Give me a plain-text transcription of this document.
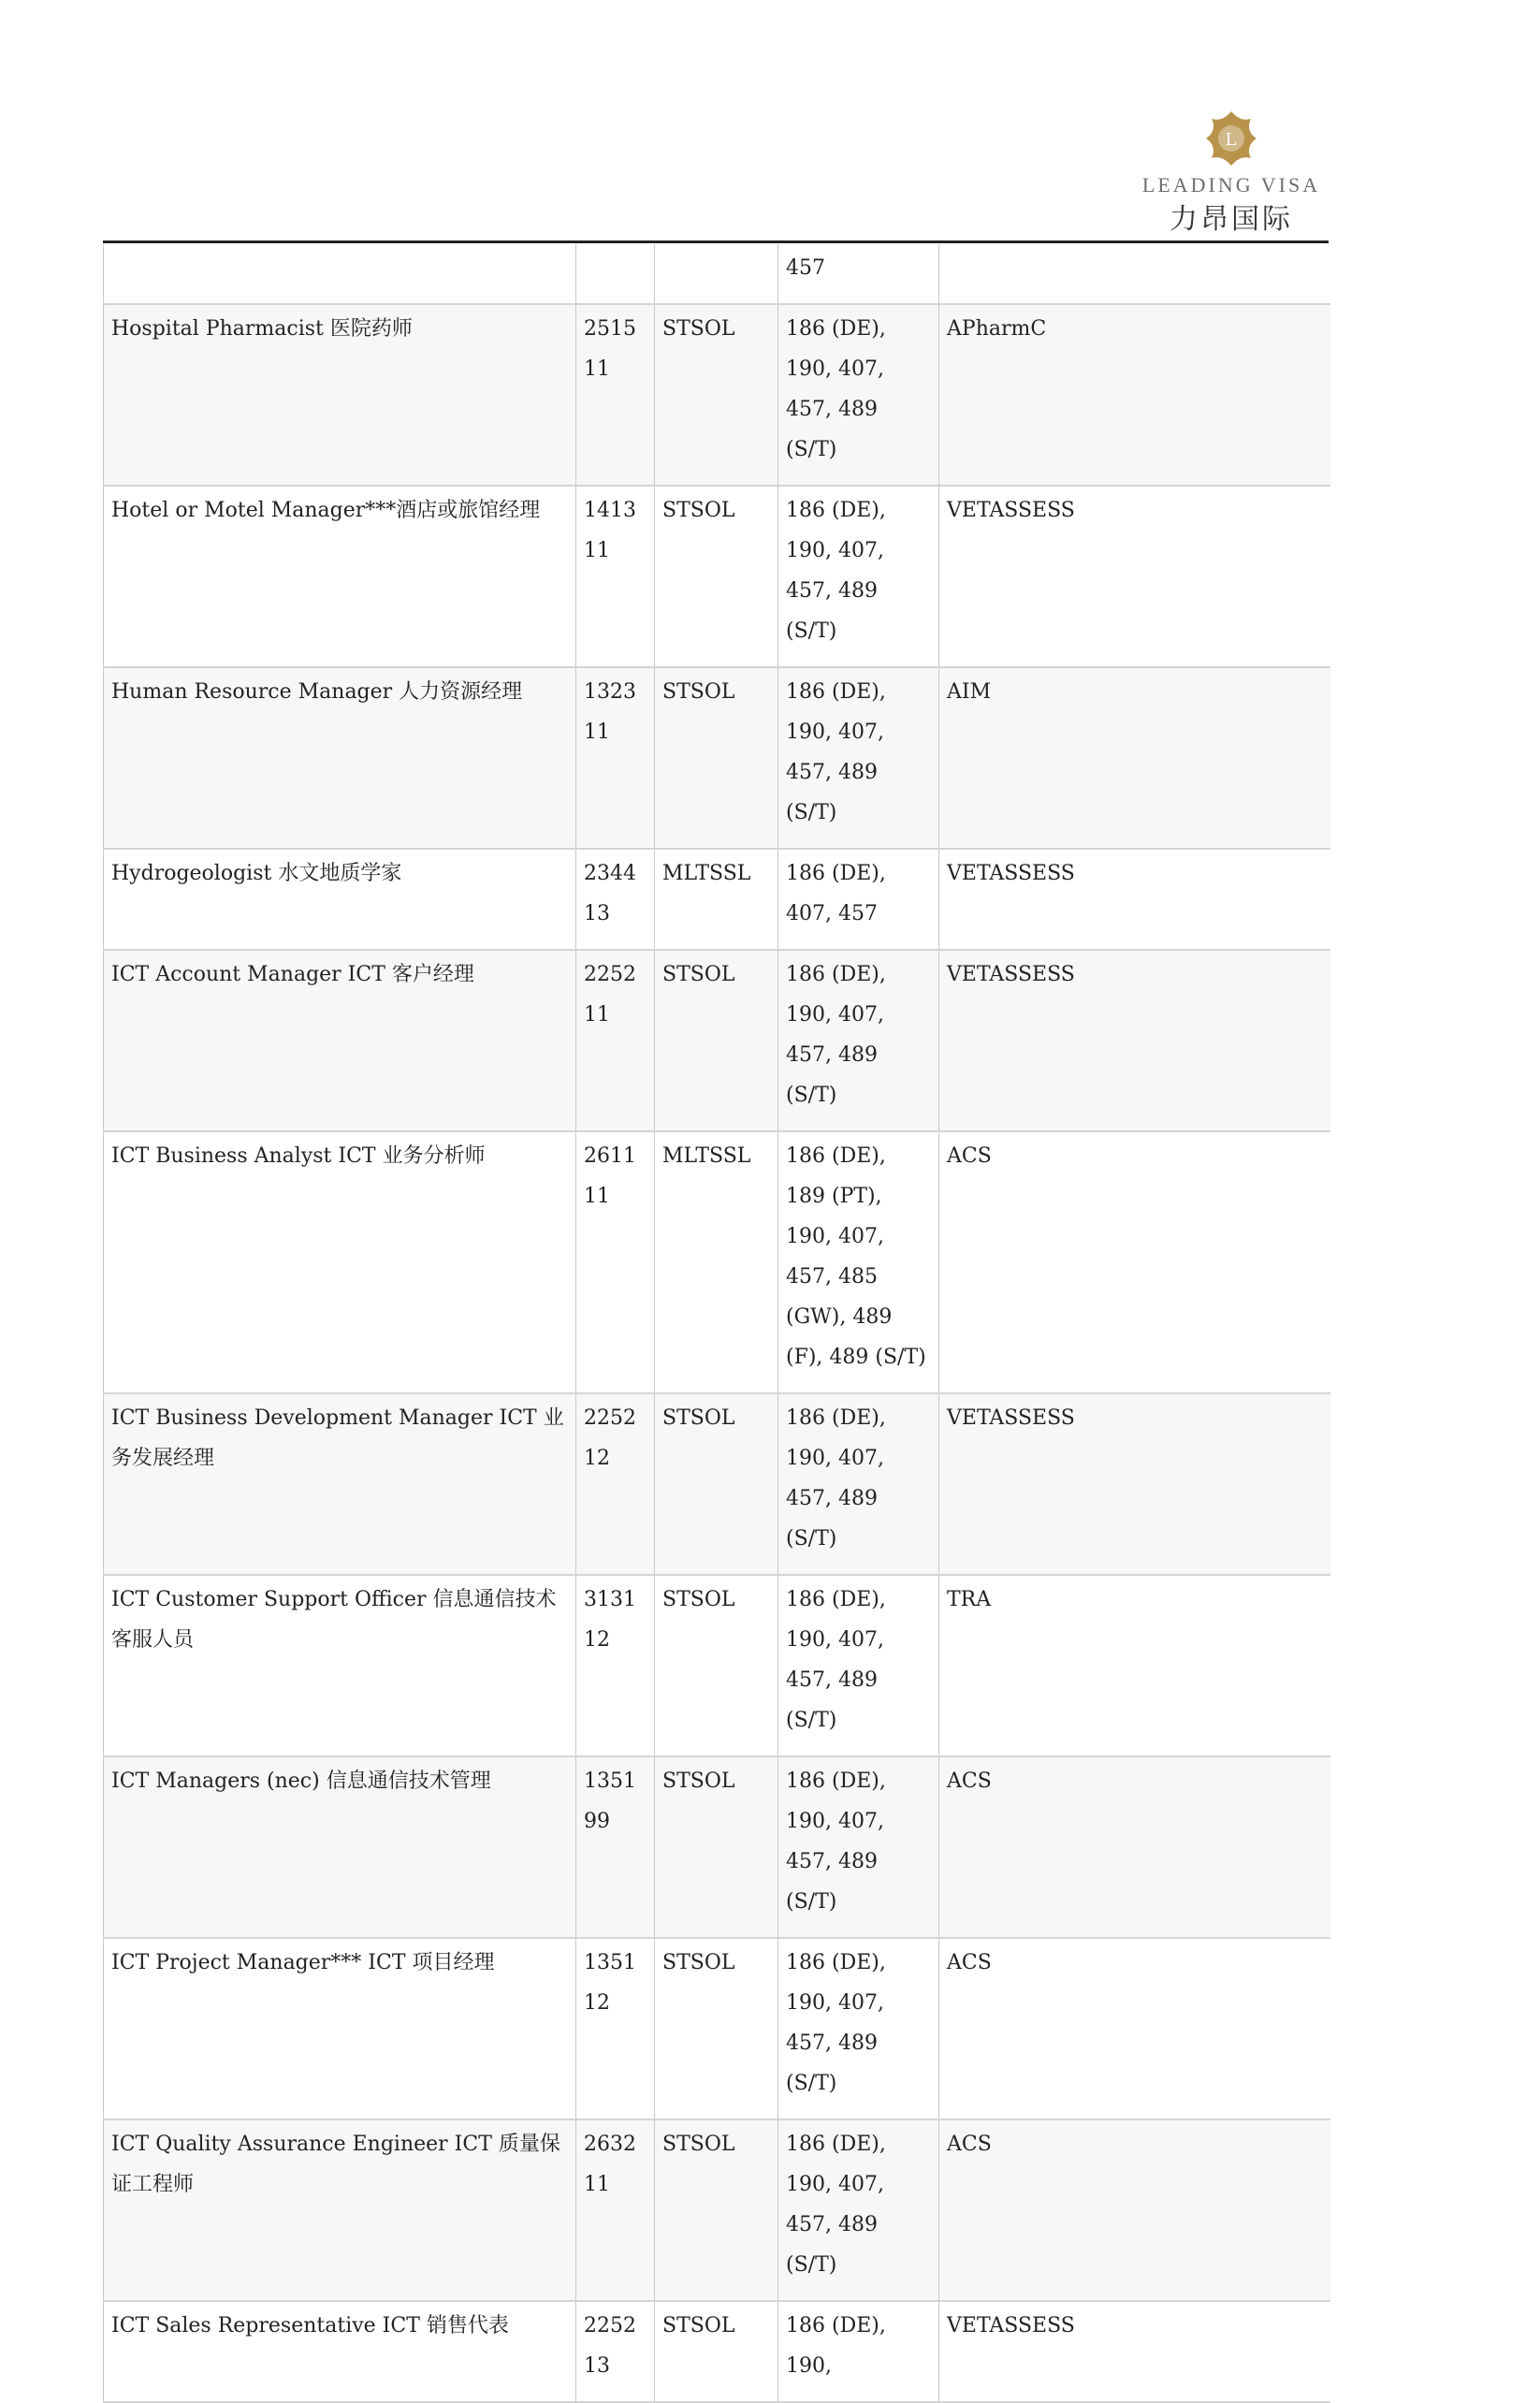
L
LEADING VISA
力昂国际
			457	
Hospital Pharmacist 医院药师	251511	STSOL	186 (DE), 190, 407, 457, 489 (S/T)	APharmC
Hotel or Motel Manager***酒店或旅馆经理	141311	STSOL	186 (DE), 190, 407, 457, 489 (S/T)	VETASSESS
Human Resource Manager 人力资源经理	132311	STSOL	186 (DE), 190, 407, 457, 489 (S/T)	AIM
Hydrogeologist 水文地质学家	234413	MLTSSL	186 (DE), 407, 457	VETASSESS
ICT Account Manager ICT 客户经理	225211	STSOL	186 (DE), 190, 407, 457, 489 (S/T)	VETASSESS
ICT Business Analyst ICT 业务分析师	261111	MLTSSL	186 (DE), 189 (PT), 190, 407, 457, 485 (GW), 489 (F), 489 (S/T)	ACS
ICT Business Development Manager ICT 业务发展经理	225212	STSOL	186 (DE), 190, 407, 457, 489 (S/T)	VETASSESS
ICT Customer Support Officer 信息通信技术客服人员	313112	STSOL	186 (DE), 190, 407, 457, 489 (S/T)	TRA
ICT Managers (nec) 信息通信技术管理	135199	STSOL	186 (DE), 190, 407, 457, 489 (S/T)	ACS
ICT Project Manager*** ICT 项目经理	135112	STSOL	186 (DE), 190, 407, 457, 489 (S/T)	ACS
ICT Quality Assurance Engineer ICT 质量保证工程师	263211	STSOL	186 (DE), 190, 407, 457, 489 (S/T)	ACS
ICT Sales Representative ICT 销售代表	225213	STSOL	186 (DE), 190,	VETASSESS
